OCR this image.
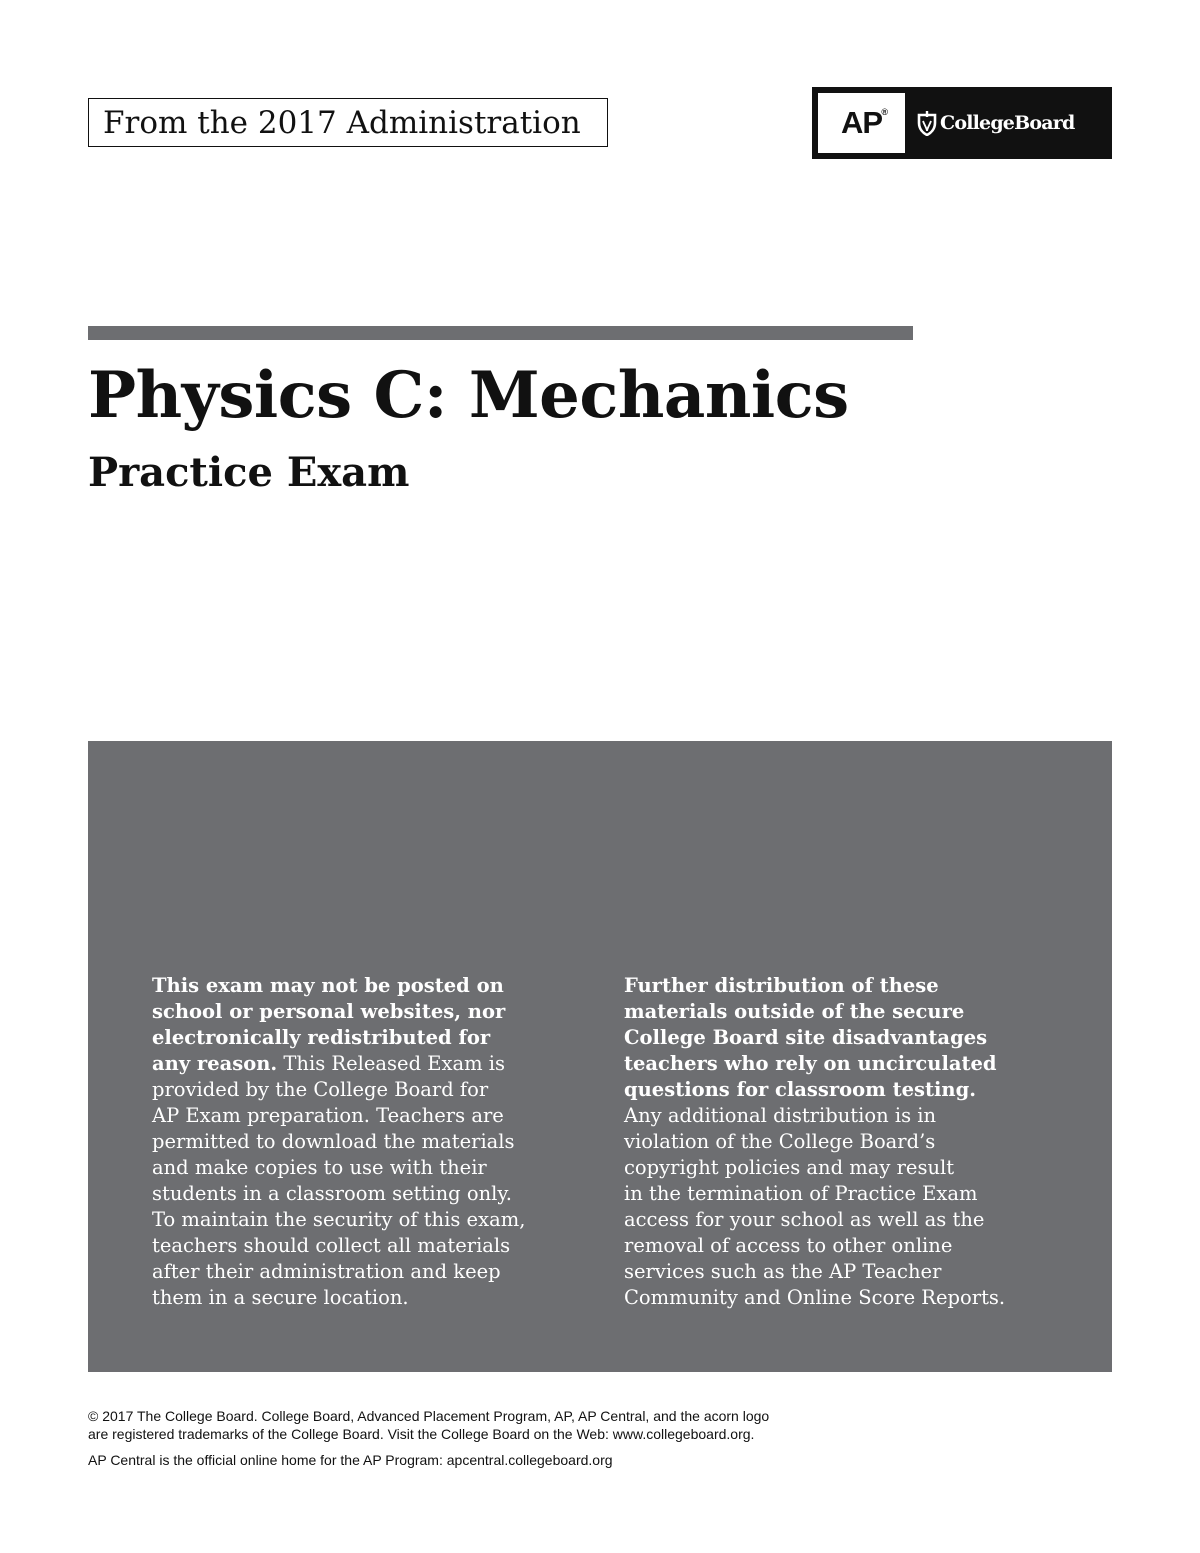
From the 2017 Administration	AP ®	CollegeBoard
Physics C: Mechanics
Practice Exam
This exam may not be posted on
school or personal websites, nor
electronically redistributed for
any reason. This Released Exam is
provided by the College Board for
AP Exam preparation. Teachers are
permitted to download the materials
and make copies to use with their
students in a classroom setting only.
To maintain the security of this exam,
teachers should collect all materials
after their administration and keep
them in a secure location.
Further distribution of these
materials outside of the secure
College Board site disadvantages
teachers who rely on uncirculated
questions for classroom testing.
Any additional distribution is in
violation of the College Board’s
copyright policies and may result
in the termination of Practice Exam
access for your school as well as the
removal of access to other online
services such as the AP Teacher
Community and Online Score Reports.
© 2017 The College Board. College Board, Advanced Placement Program, AP, AP Central, and the acorn logo
are registered trademarks of the College Board. Visit the College Board on the Web: www.collegeboard.org.
AP Central is the official online home for the AP Program: apcentral.collegeboard.org
